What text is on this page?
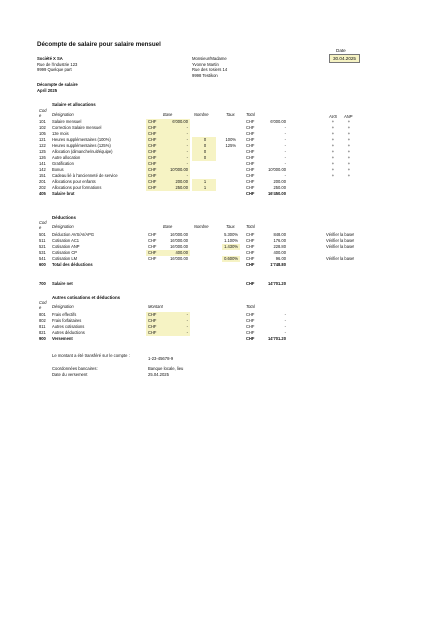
Décompte de salaire pour salaire mensuel
Date
30.04.2025
Société X SA
Rue de l'industrie 123
9999 Quelque part
Monsieur/Madame
Yvonne Martin
Rue des rosiers 14
9998 Testikon
Décompte de salaire
April 2025
Salaire et allocations
Cod e	Désignation	Base	Nombre	Taux	Total	AVS ANP
Déductions
Cod e	Désignation	Base	Nombre	Taux	Total
700 Salaire net	CHF	14'701.20
Autres cotisations et déductions
Cod e	Désignation	Montant	Total
Le montant a été transféré sur le compte :
1-23-45678-9
Coordonnées bancaires:	Banque locale, lieu
Date du versement	25.04.2025
101 Salaire mensuel	CHF	6'000.00	CHF	6'000.00	+	+
102 Correction Salaire mensuel	CHF	-	CHF	-	+	+
105 13e mois	CHF	-	CHF	-	+	+
121 Heures supplémentaires (100%)	CHF	-	0	100% CHF	-	+	+
122 Heures supplémentaires (125%)	CHF	-	0	125% CHF	-	+	+
125 Allocation (dimanche/nuit/équipe)	CHF	-	0	CHF	-	+	+
126 Autre allocation	CHF	-	0	CHF	-	+	+
141 Gratification	CHF	-	CHF	-	+	+
142 Bonus	CHF	10'000.00	CHF	10'000.00	+	+
151 Cadeau lié à l'ancienneté de service	CHF	-	CHF	-	+	+
201 Allocations pour enfants	CHF	200.00	1	CHF	200.00
202 Allocations pour formations	CHF	250.00	1	CHF	250.00
405 Salaire brut	CHF	16'450.00
501 Déduction AVS/AI/APG	CHF	16'000.00	5.300% CHF	848.00	Vérifier la base!
511 Cotisation AC1	CHF	16'000.00	1.100% CHF	176.00	Vérifier la base!
521 Cotisation ANP	CHF	16'000.00	1.430% CHF	228.80	Vérifier la base!
531 Cotisation CP	CHF	400.00	CHF	400.00
541 Cotisation LM	CHF	16'000.00	0.600% CHF	96.00	Vérifier la base!
600 Total des déductions	CHF	1'748.80
801 Frais effectifs	CHF	-	CHF	-
802 Frais forfaitaires	CHF	-	CHF	-
811 Autres cotisations	CHF	-	CHF	-
821 Autres déductions	CHF	-	CHF	-
900 Versement	CHF	14'701.20
